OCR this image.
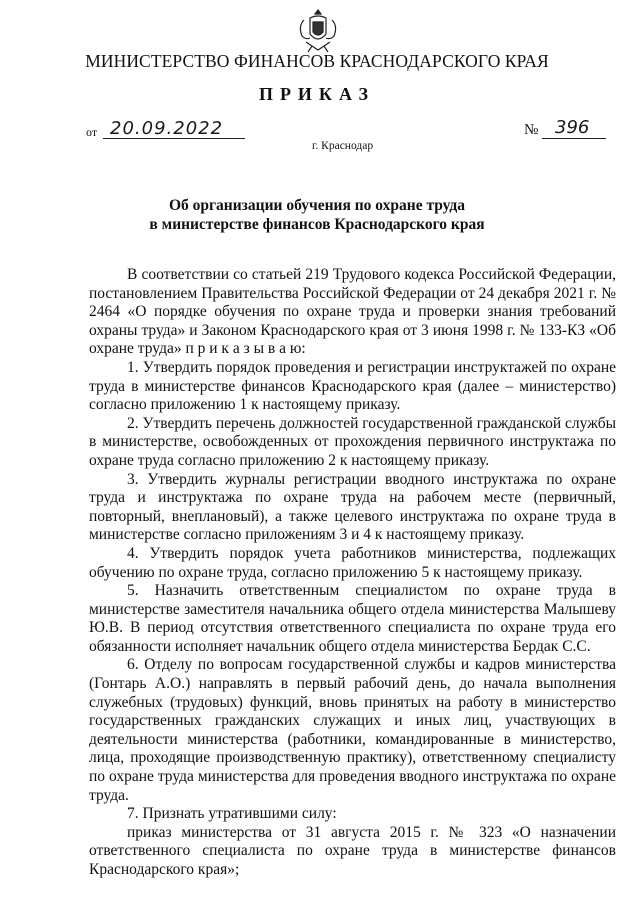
МИНИСТЕРСТВО ФИНАНСОВ КРАСНОДАРСКОГО КРАЯ
ПРИКАЗ
от 20.09.2022	№ 396
г. Краснодар
Об организации обучения по охране труда
в министерстве финансов Краснодарского края

В соответствии со статьей 219 Трудового кодекса Российской Федерации, постановлением Правительства Российской Федерации от 24 декабря 2021 г. № 2464 «О порядке обучения по охране труда и проверки знания требований охраны труда» и Законом Краснодарского края от 3 июня 1998 г. № 133-КЗ «Об охране труда» п р и к а з ы в а ю:

1. Утвердить порядок проведения и регистрации инструктажей по охране труда в министерстве финансов Краснодарского края (далее – министерство) согласно приложению 1 к настоящему приказу.

2. Утвердить перечень должностей государственной гражданской службы в министерстве, освобожденных от прохождения первичного инструктажа по охране труда согласно приложению 2 к настоящему приказу.

3. Утвердить журналы регистрации вводного инструктажа по охране труда и инструктажа по охране труда на рабочем месте (первичный, повторный, внеплановый), а также целевого инструктажа по охране труда в министерстве согласно приложениям 3 и 4 к настоящему приказу.

4. Утвердить порядок учета работников министерства, подлежащих обучению по охране труда, согласно приложению 5 к настоящему приказу.

5. Назначить ответственным специалистом по охране труда в министерстве заместителя начальника общего отдела министерства Малышеву Ю.В. В период отсутствия ответственного специалиста по охране труда его обязанности исполняет начальник общего отдела министерства Бердак С.С.

6. Отделу по вопросам государственной службы и кадров министерства (Гонтарь А.О.) направлять в первый рабочий день, до начала выполнения служебных (трудовых) функций, вновь принятых на работу в министерство государственных гражданских служащих и иных лиц, участвующих в деятельности министерства (работники, командированные в министерство, лица, проходящие производственную практику), ответственному специалисту по охране труда министерства для проведения вводного инструктажа по охране труда.

7. Признать утратившими силу:

приказ министерства от 31 августа 2015 г. № 323 «О назначении ответственного специалиста по охране труда в министерстве финансов Краснодарского края»;
